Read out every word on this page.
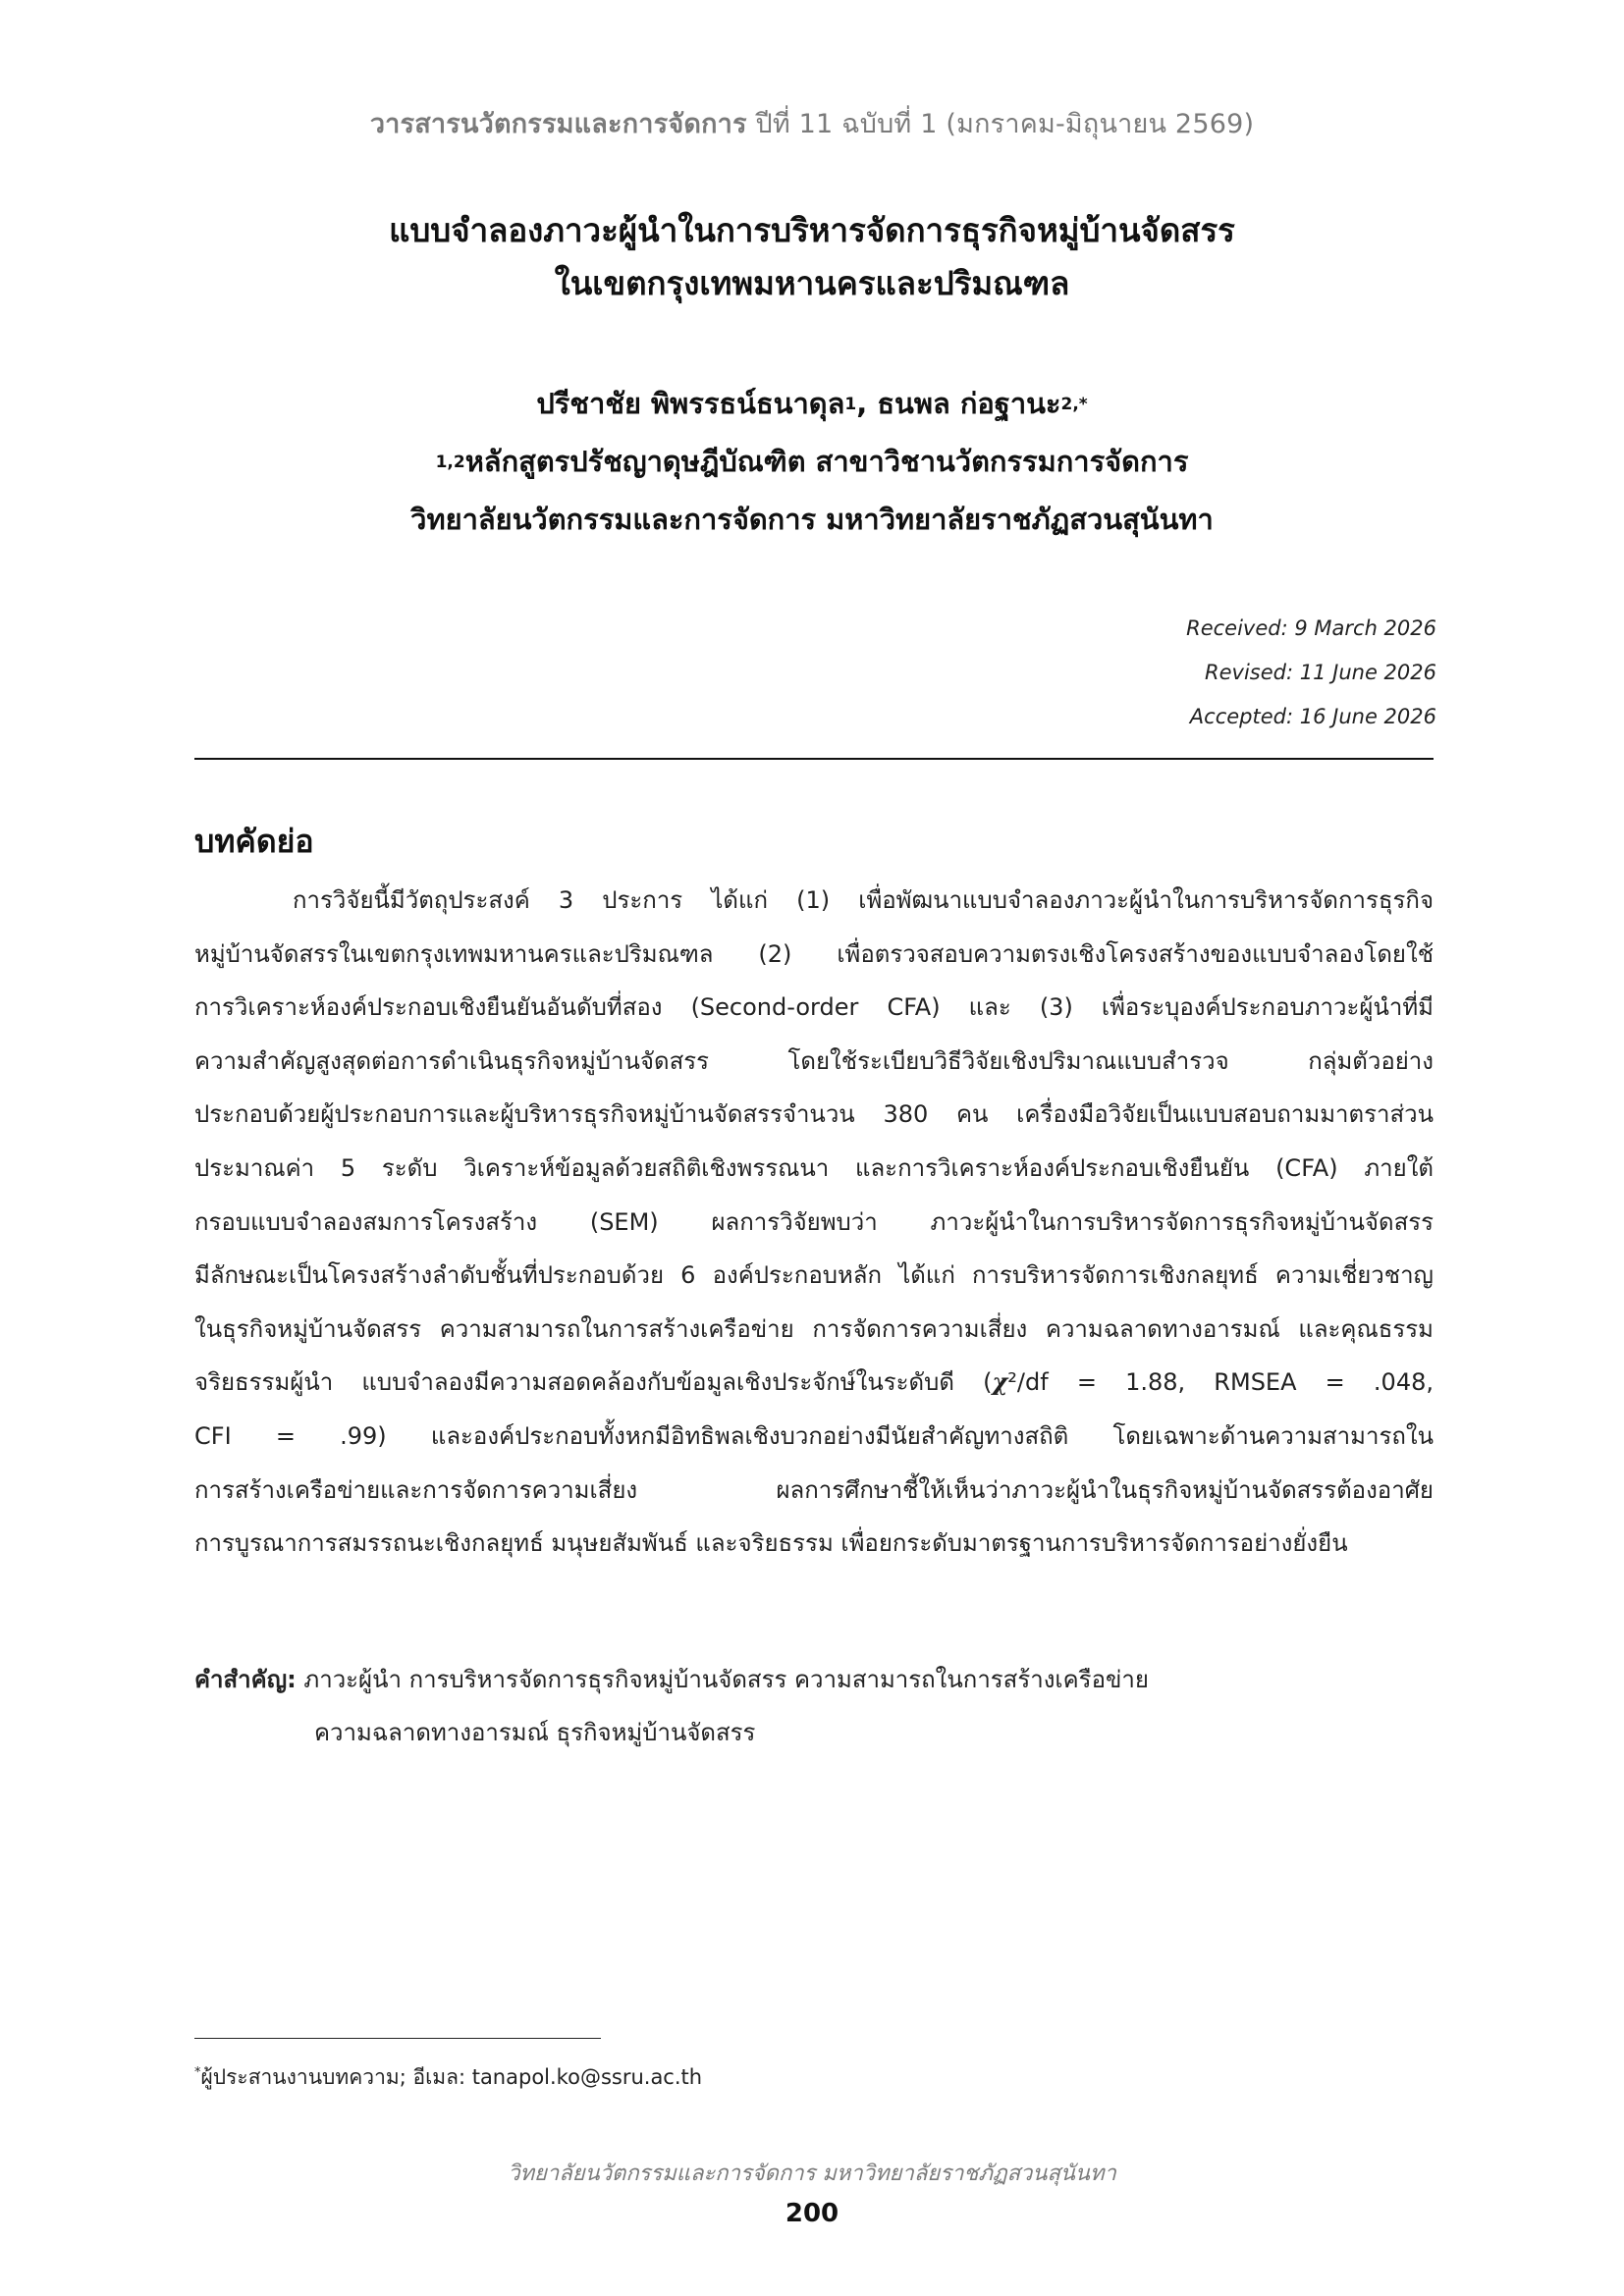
วารสารนวัตกรรมและการจัดการ ปีที่ 11 ฉบับที่ 1 (มกราคม-มิถุนายน 2569)
แบบจำลองภาวะผู้นำในการบริหารจัดการธุรกิจหมู่บ้านจัดสรร
ในเขตกรุงเทพมหานครและปริมณฑล
ปรีชาชัย พิพรรธน์ธนาดุล$^1$, ธนพล ก่อฐานะ$^{2,*}$
$^{1,2}$หลักสูตรปรัชญาดุษฎีบัณฑิต สาขาวิชานวัตกรรมการจัดการ
วิทยาลัยนวัตกรรมและการจัดการ มหาวิทยาลัยราชภัฏสวนสุนันทา
Received: 9 March 2026
Revised: 11 June 2026
Accepted: 16 June 2026
บทคัดย่อ
การวิจัยนี้มีวัตถุประสงค์ 3 ประการ ได้แก่ (1) เพื่อพัฒนาแบบจำลองภาวะผู้นำในการบริหารจัดการธุรกิจ
หมู่บ้านจัดสรรในเขตกรุงเทพมหานครและปริมณฑล (2) เพื่อตรวจสอบความตรงเชิงโครงสร้างของแบบจำลองโดยใช้
การวิเคราะห์องค์ประกอบเชิงยืนยันอันดับที่สอง (Second-order CFA) และ (3) เพื่อระบุองค์ประกอบภาวะผู้นำที่มี
ความสำคัญสูงสุดต่อการดำเนินธุรกิจหมู่บ้านจัดสรร โดยใช้ระเบียบวิธีวิจัยเชิงปริมาณแบบสำรวจ กลุ่มตัวอย่าง
ประกอบด้วยผู้ประกอบการและผู้บริหารธุรกิจหมู่บ้านจัดสรรจำนวน 380 คน เครื่องมือวิจัยเป็นแบบสอบถามมาตราส่วน
ประมาณค่า 5 ระดับ วิเคราะห์ข้อมูลด้วยสถิติเชิงพรรณนา และการวิเคราะห์องค์ประกอบเชิงยืนยัน (CFA) ภายใต้
กรอบแบบจำลองสมการโครงสร้าง (SEM) ผลการวิจัยพบว่า ภาวะผู้นำในการบริหารจัดการธุรกิจหมู่บ้านจัดสรร
มีลักษณะเป็นโครงสร้างลำดับชั้นที่ประกอบด้วย 6 องค์ประกอบหลัก ได้แก่ การบริหารจัดการเชิงกลยุทธ์ ความเชี่ยวชาญ
ในธุรกิจหมู่บ้านจัดสรร ความสามารถในการสร้างเครือข่าย การจัดการความเสี่ยง ความฉลาดทางอารมณ์ และคุณธรรม
จริยธรรมผู้นำ แบบจำลองมีความสอดคล้องกับข้อมูลเชิงประจักษ์ในระดับดี (χ²/df = 1.88, RMSEA = .048,
CFI = .99) และองค์ประกอบทั้งหกมีอิทธิพลเชิงบวกอย่างมีนัยสำคัญทางสถิติ โดยเฉพาะด้านความสามารถใน
การสร้างเครือข่ายและการจัดการความเสี่ยง ผลการศึกษาชี้ให้เห็นว่าภาวะผู้นำในธุรกิจหมู่บ้านจัดสรรต้องอาศัย
การบูรณาการสมรรถนะเชิงกลยุทธ์ มนุษยสัมพันธ์ และจริยธรรม เพื่อยกระดับมาตรฐานการบริหารจัดการอย่างยั่งยืน
คำสำคัญ: ภาวะผู้นำ การบริหารจัดการธุรกิจหมู่บ้านจัดสรร ความสามารถในการสร้างเครือข่าย
ความฉลาดทางอารมณ์ ธุรกิจหมู่บ้านจัดสรร
*ผู้ประสานงานบทความ; อีเมล: tanapol.ko@ssru.ac.th
วิทยาลัยนวัตกรรมและการจัดการ มหาวิทยาลัยราชภัฏสวนสุนันทา
200
